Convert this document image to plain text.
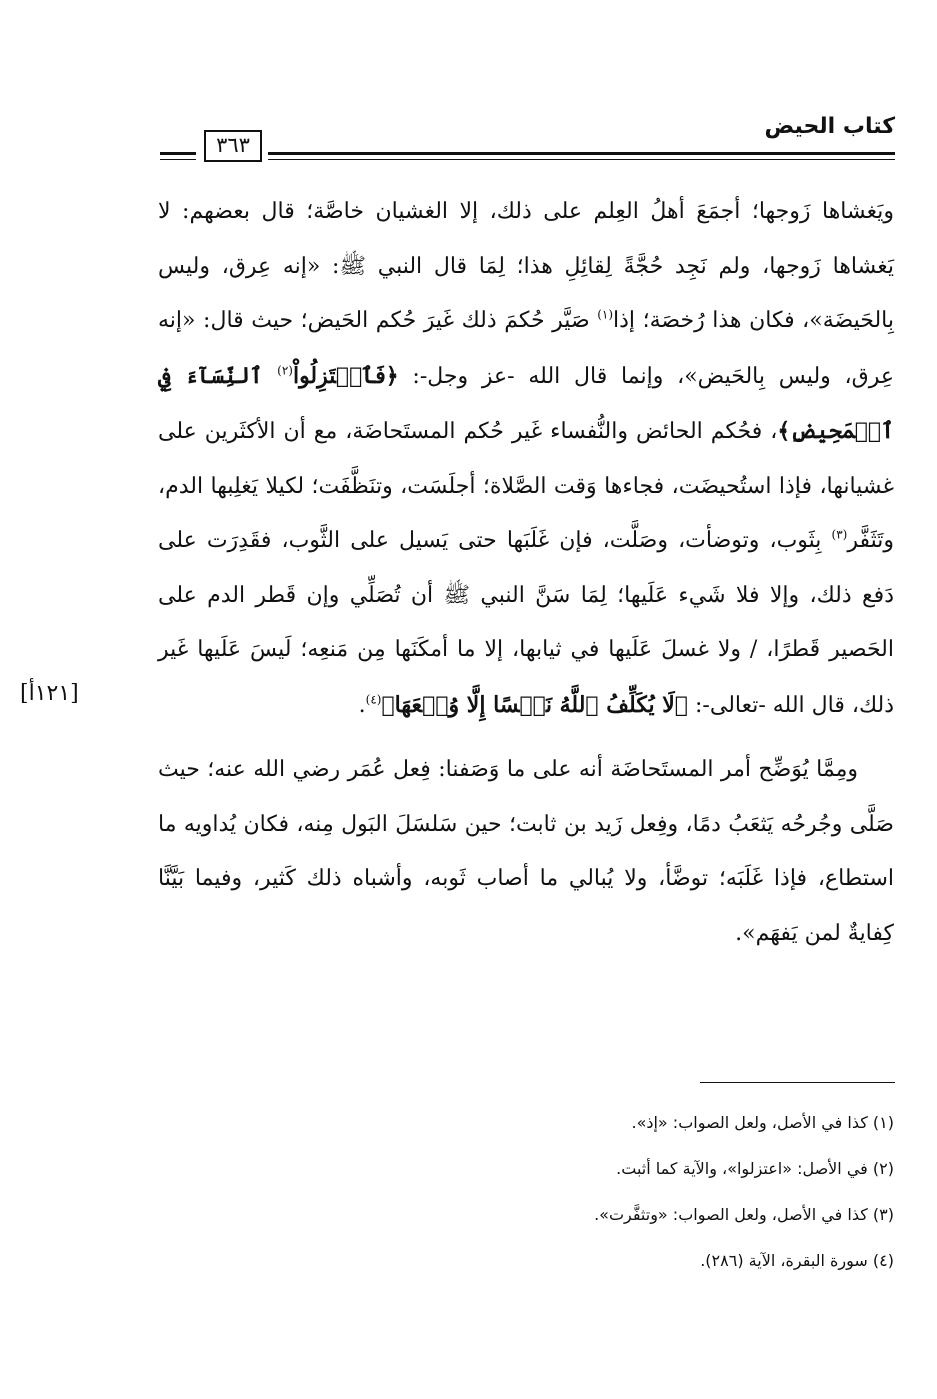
٣٦٣
كتاب الحيض

ويَغشاها زَوجها؛ أجمَعَ أهلُ العِلم على ذلك، إلا الغشيان خاصَّة؛ قال بعضهم: لا يَغشاها زَوجها، ولم نَجِد حُجَّةً لِقائِلِ هذا؛ لِمَا قال النبي ﷺ: «إنه عِرق، وليس بِالحَيضَة»، فكان هذا رُخصَة؛ إذا$^{(١)}$ صَيَّر حُكمَ ذلك غَيرَ حُكم الحَيض؛ حيث قال: «إنه عِرق، وليس بِالحَيض»، وإنما قال الله -عز وجل-: ﴿فَٱعۡتَزِلُواْ$^{(٢)}$ ٱلنِّسَآءَ فِي ٱلۡمَحِيضِ﴾، فحُكم الحائض والنُّفساء غَير حُكم المستَحاضَة، مع أن الأكثَرين على غشيانها، فإذا استُحيضَت، فجاءها وَقت الصَّلاة؛ أجلَسَت، وتنَظَّفَت؛ لكيلا يَغلِبها الدم، وتَثَفَّر$^{(٣)}$ بِثَوب، وتوضأت، وصَلَّت، فإن غَلَبَها حتى يَسيل على الثَّوب، فقَدِرَت على دَفع ذلك، وإلا فلا شَيء عَلَيها؛ لِمَا سَنَّ النبي ﷺ أن تُصَلِّي وإن قَطر الدم على الحَصير قَطرًا، / ولا غسلَ عَلَيها في ثيابها، إلا ما أمكَنَها مِن مَنعِه؛ لَيسَ عَلَيها غَير ذلك، قال الله -تعالى-: ﴿لَا يُكَلِّفُ ٱللَّهُ نَفۡسًا إِلَّا وُسۡعَهَا﴾$^{(٤)}$.

ومِمَّا يُوَضِّح أمر المستَحاضَة أنه على ما وَصَفنا: فِعل عُمَر رضي الله عنه؛ حيث صَلَّى وجُرحُه يَثعَبُ دمًا، وفِعل زَيد بن ثابت؛ حين سَلسَلَ البَول مِنه، فكان يُداويه ما استطاع، فإذا غَلَبَه؛ توضَّأ، ولا يُبالي ما أصاب ثَوبه، وأشباه ذلك كَثير، وفيما بَيَّنَّا كِفايةٌ لمن يَفهَم».

[١٢١أ]
(١) كذا في الأصل، ولعل الصواب: «إذ».
(٢) في الأصل: «اعتزلوا»، والآية كما أثبت.
(٣) كذا في الأصل، ولعل الصواب: «وتثفَّرت».
(٤) سورة البقرة، الآية (٢٨٦).
